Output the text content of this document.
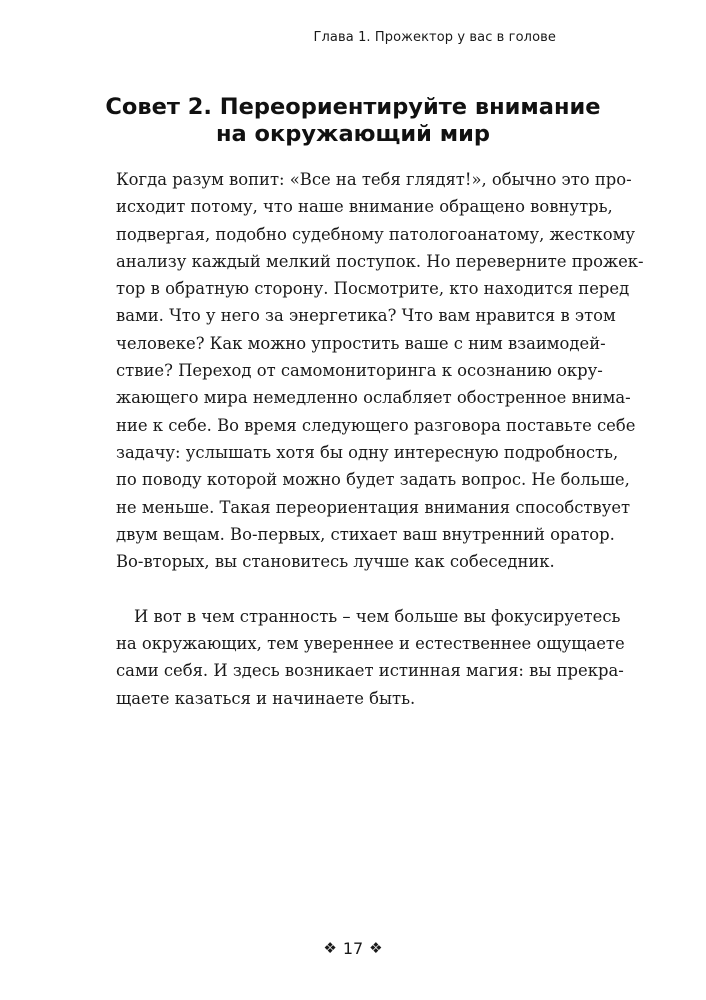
Глава 1. Прожектор у вас в голове
Совет 2. Переориентируйте внимание
на окружающий мир
Когда разум вопит: «Все на тебя глядят!», обычно это про-
исходит потому, что наше внимание обращено вовнутрь,
подвергая, подобно судебному патологоанатому, жесткому
анализу каждый мелкий поступок. Но переверните прожек-
тор в обратную сторону. Посмотрите, кто находится перед
вами. Что у него за энергетика? Что вам нравится в этом
человеке? Как можно упростить ваше с ним взаимодей-
ствие? Переход от самомониторинга к осознанию окру-
жающего мира немедленно ослабляет обостренное внима-
ние к себе. Во время следующего разговора поставьте себе
задачу: услышать хотя бы одну интересную подробность,
по поводу которой можно будет задать вопрос. Не больше,
не меньше. Такая переориентация внимания способствует
двум вещам. Во-первых, стихает ваш внутренний оратор.
Во-вторых, вы становитесь лучше как собеседник.
И вот в чем странность – чем больше вы фокусируетесь
на окружающих, тем увереннее и естественнее ощущаете
сами себя. И здесь возникает истинная магия: вы прекра-
щаете казаться и начинаете быть.
❖ 17 ❖
